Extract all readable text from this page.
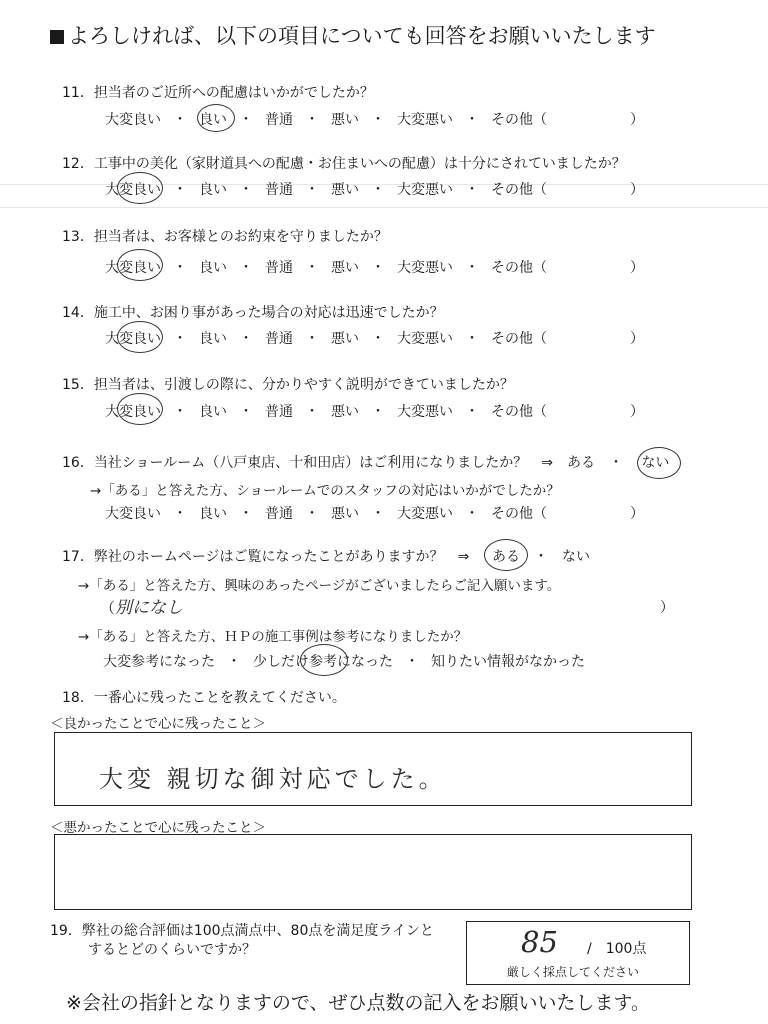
よろしければ、以下の項目についても回答をお願いいたします
11．担当者のご近所への配慮はいかがでしたか？
大変良い ・ 良い ・ 普通 ・ 悪い ・ 大変悪い ・ その他（	）
12．工事中の美化（家財道具への配慮・お住まいへの配慮）は十分にされていましたか？
大変良い ・ 良い ・ 普通 ・ 悪い ・ 大変悪い ・ その他（	）
13．担当者は、お客様とのお約束を守りましたか？
大変良い ・ 良い ・ 普通 ・ 悪い ・ 大変悪い ・ その他（	）
14．施工中、お困り事があった場合の対応は迅速でしたか？
大変良い ・ 良い ・ 普通 ・ 悪い ・ 大変悪い ・ その他（	）
15．担当者は、引渡しの際に、分かりやすく説明ができていましたか？
大変良い ・ 良い ・ 普通 ・ 悪い ・ 大変悪い ・ その他（	）
16．当社ショールーム（八戸東店、十和田店）はご利用になりましたか？　⇒　ある　・ ない
→「ある」と答えた方、ショールームでのスタッフの対応はいかがでしたか？
大変良い ・ 良い ・ 普通 ・ 悪い ・ 大変悪い ・ その他（	）
17．弊社のホームページはご覧になったことがありますか？　⇒ ある ・　ない
→「ある」と答えた方、興味のあったページがございましたらご記入願います。
（別になし	）
→「ある」と答えた方、ＨＰの施工事例は参考になりましたか？
大変参考になった ・ 少しだけ参考になった ・ 知りたい情報がなかった
18．一番心に残ったことを教えてください。
＜良かったことで心に残ったこと＞
大変 親切な御対応でした。
＜悪かったことで心に残ったこと＞
19．弊社の総合評価は100点満点中、80点を満足度ラインと
するとどのくらいですか？	85 /　100点
厳しく採点してください
※会社の指針となりますので、ぜひ点数の記入をお願いいたします。
